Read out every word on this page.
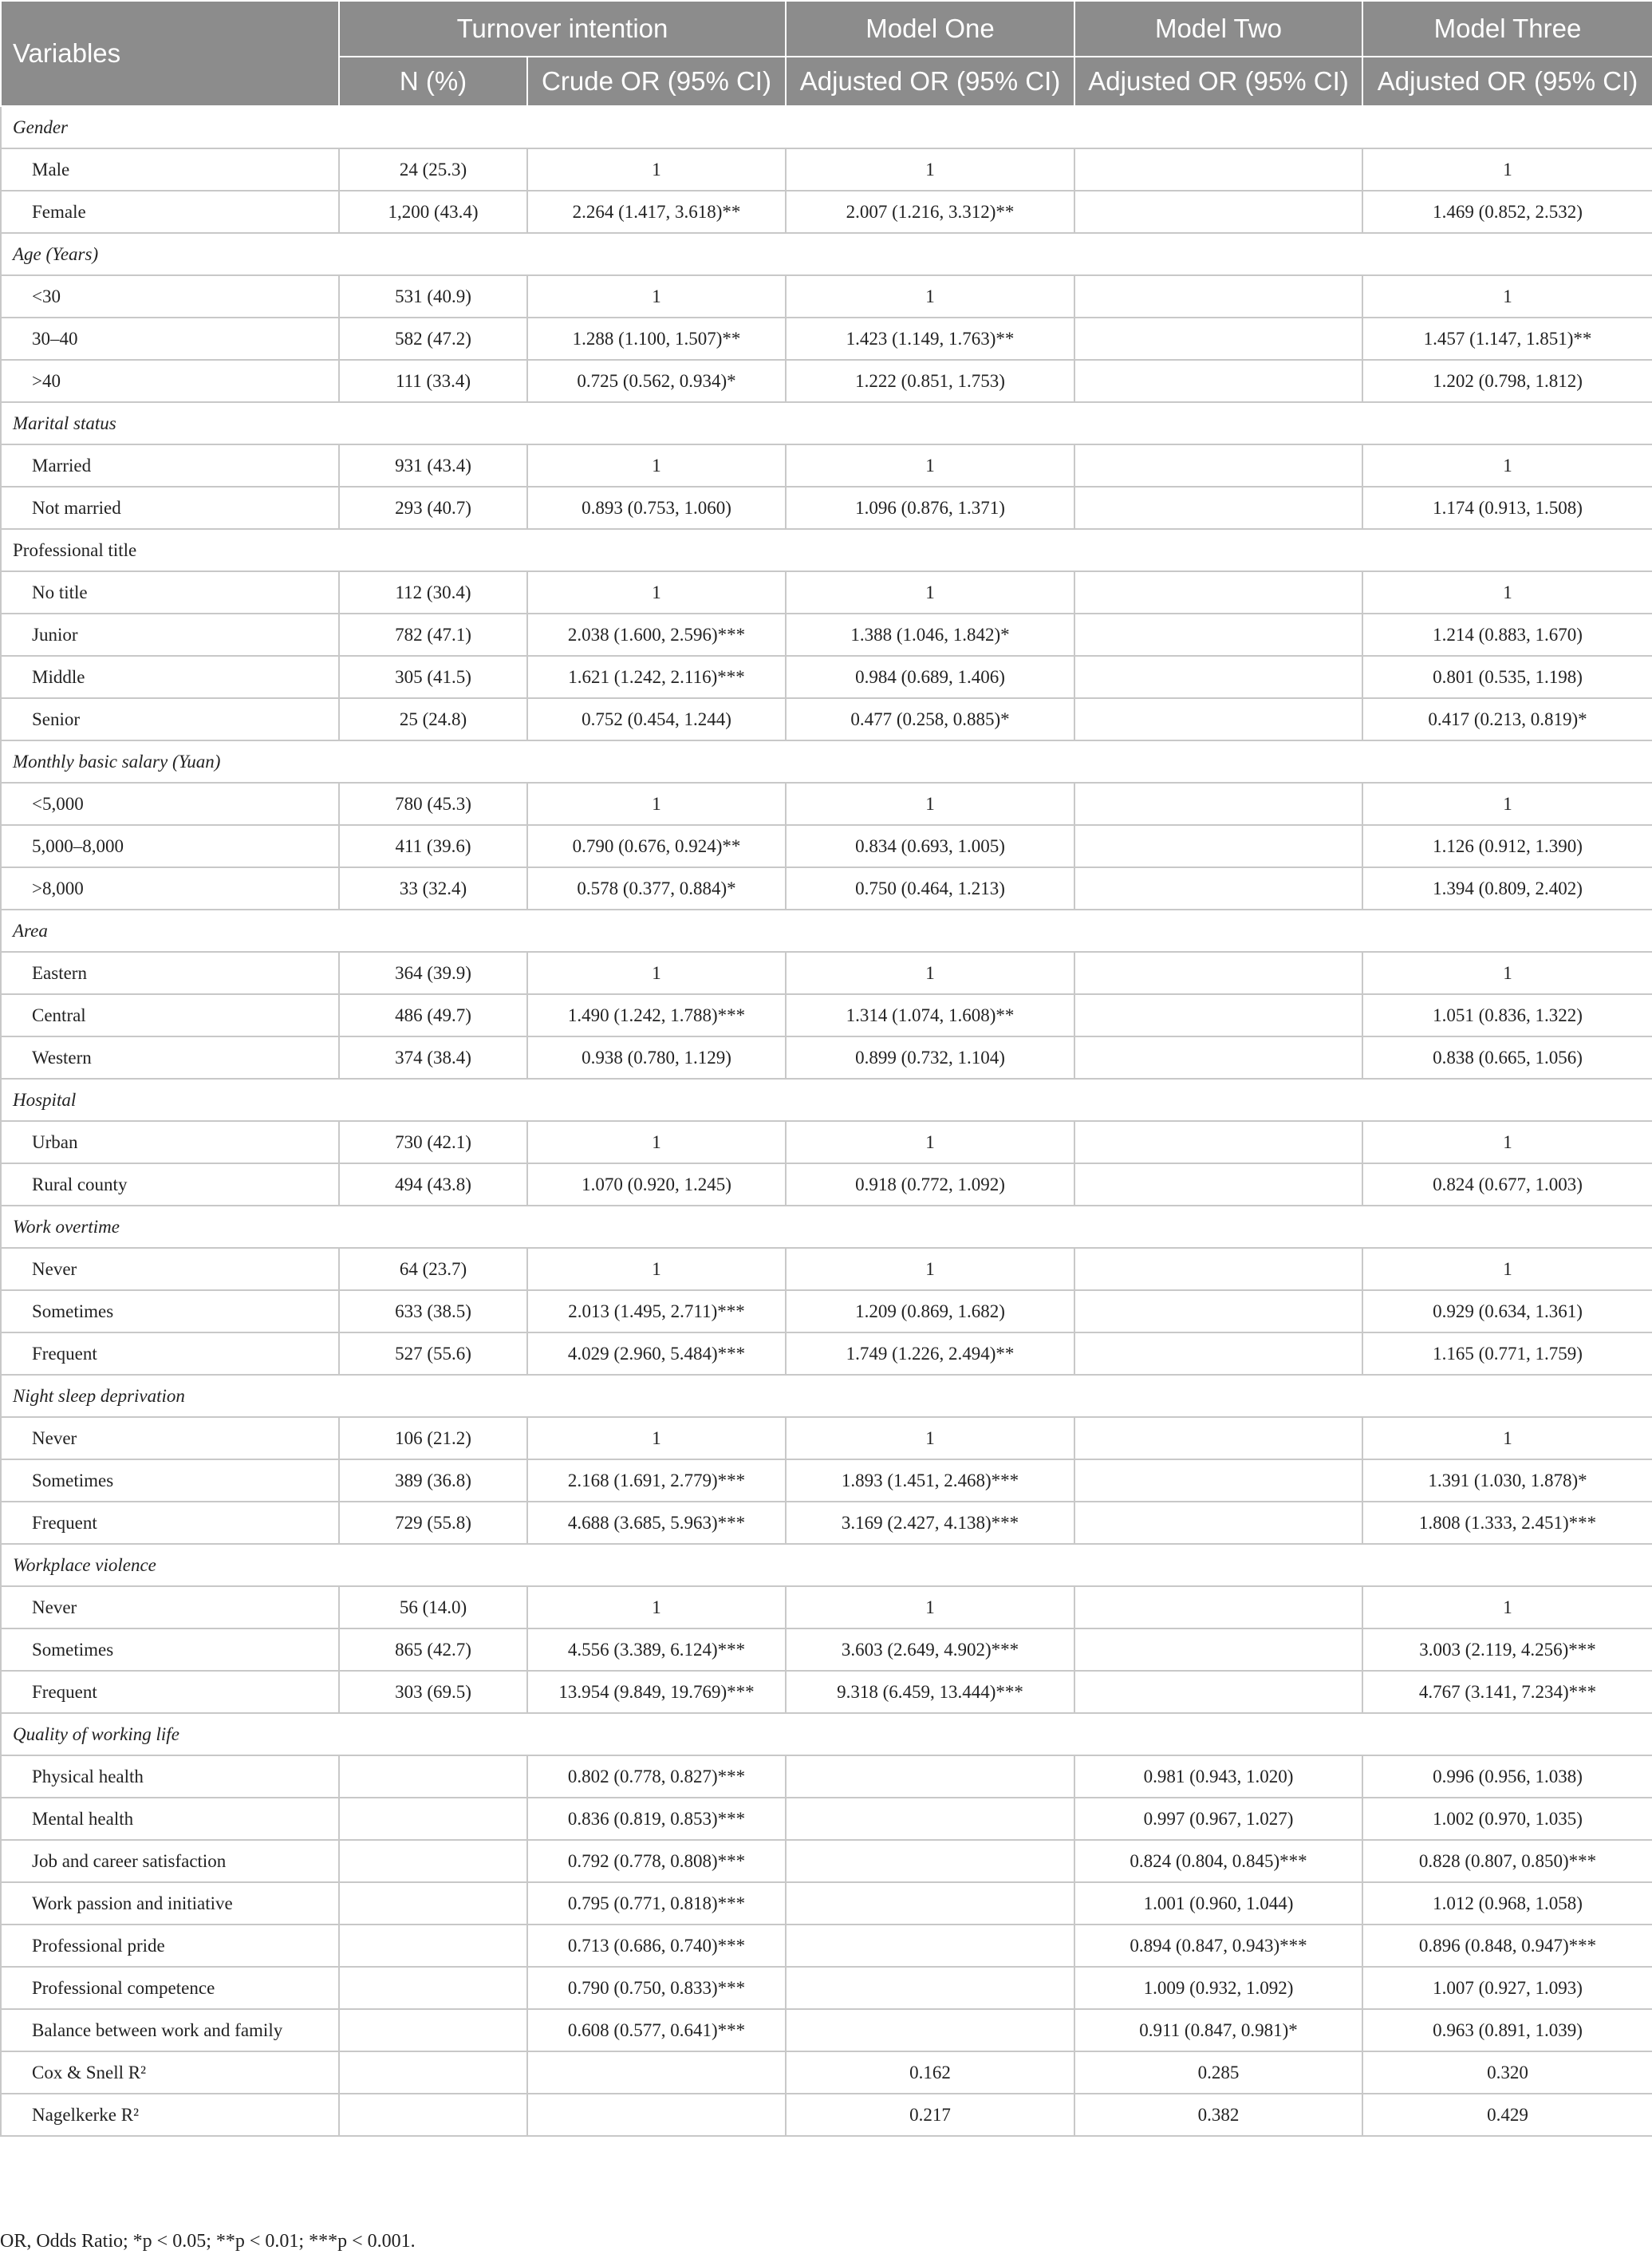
Variables	Turnover intention		Model One	Model Two	Model Three
	N (%)	Crude OR (95% CI)	Adjusted OR (95% CI)	Adjusted OR (95% CI)	Adjusted OR (95% CI)
Gender					
Male	24 (25.3)	1	1		1
Female	1,200 (43.4)	2.264 (1.417, 3.618)**	2.007 (1.216, 3.312)**		1.469 (0.852, 2.532)
Age (Years)					
<30	531 (40.9)	1	1		1
30–40	582 (47.2)	1.288 (1.100, 1.507)**	1.423 (1.149, 1.763)**		1.457 (1.147, 1.851)**
>40	111 (33.4)	0.725 (0.562, 0.934)*	1.222 (0.851, 1.753)		1.202 (0.798, 1.812)
Marital status					
Married	931 (43.4)	1	1		1
Not married	293 (40.7)	0.893 (0.753, 1.060)	1.096 (0.876, 1.371)		1.174 (0.913, 1.508)
Professional title					
No title	112 (30.4)	1	1		1
Junior	782 (47.1)	2.038 (1.600, 2.596)***	1.388 (1.046, 1.842)*		1.214 (0.883, 1.670)
Middle	305 (41.5)	1.621 (1.242, 2.116)***	0.984 (0.689, 1.406)		0.801 (0.535, 1.198)
Senior	25 (24.8)	0.752 (0.454, 1.244)	0.477 (0.258, 0.885)*		0.417 (0.213, 0.819)*
Monthly basic salary (Yuan)					
<5,000	780 (45.3)	1	1		1
5,000–8,000	411 (39.6)	0.790 (0.676, 0.924)**	0.834 (0.693, 1.005)		1.126 (0.912, 1.390)
>8,000	33 (32.4)	0.578 (0.377, 0.884)*	0.750 (0.464, 1.213)		1.394 (0.809, 2.402)
Area					
Eastern	364 (39.9)	1	1		1
Central	486 (49.7)	1.490 (1.242, 1.788)***	1.314 (1.074, 1.608)**		1.051 (0.836, 1.322)
Western	374 (38.4)	0.938 (0.780, 1.129)	0.899 (0.732, 1.104)		0.838 (0.665, 1.056)
Hospital					
Urban	730 (42.1)	1	1		1
Rural county	494 (43.8)	1.070 (0.920, 1.245)	0.918 (0.772, 1.092)		0.824 (0.677, 1.003)
Work overtime					
Never	64 (23.7)	1	1		1
Sometimes	633 (38.5)	2.013 (1.495, 2.711)***	1.209 (0.869, 1.682)		0.929 (0.634, 1.361)
Frequent	527 (55.6)	4.029 (2.960, 5.484)***	1.749 (1.226, 2.494)**		1.165 (0.771, 1.759)
Night sleep deprivation					
Never	106 (21.2)	1	1		1
Sometimes	389 (36.8)	2.168 (1.691, 2.779)***	1.893 (1.451, 2.468)***		1.391 (1.030, 1.878)*
Frequent	729 (55.8)	4.688 (3.685, 5.963)***	3.169 (2.427, 4.138)***		1.808 (1.333, 2.451)***
Workplace violence					
Never	56 (14.0)	1	1		1
Sometimes	865 (42.7)	4.556 (3.389, 6.124)***	3.603 (2.649, 4.902)***		3.003 (2.119, 4.256)***
Frequent	303 (69.5)	13.954 (9.849, 19.769)***	9.318 (6.459, 13.444)***		4.767 (3.141, 7.234)***
Quality of working life					
Physical health		0.802 (0.778, 0.827)***		0.981 (0.943, 1.020)	0.996 (0.956, 1.038)
Mental health		0.836 (0.819, 0.853)***		0.997 (0.967, 1.027)	1.002 (0.970, 1.035)
Job and career satisfaction		0.792 (0.778, 0.808)***		0.824 (0.804, 0.845)***	0.828 (0.807, 0.850)***
Work passion and initiative		0.795 (0.771, 0.818)***		1.001 (0.960, 1.044)	1.012 (0.968, 1.058)
Professional pride		0.713 (0.686, 0.740)***		0.894 (0.847, 0.943)***	0.896 (0.848, 0.947)***
Professional competence		0.790 (0.750, 0.833)***		1.009 (0.932, 1.092)	1.007 (0.927, 1.093)
Balance between work and family		0.608 (0.577, 0.641)***		0.911 (0.847, 0.981)*	0.963 (0.891, 1.039)
Cox & Snell R²			0.162	0.285	0.320
Nagelkerke R²			0.217	0.382	0.429
OR, Odds Ratio; *p < 0.05; **p < 0.01; ***p < 0.001.
